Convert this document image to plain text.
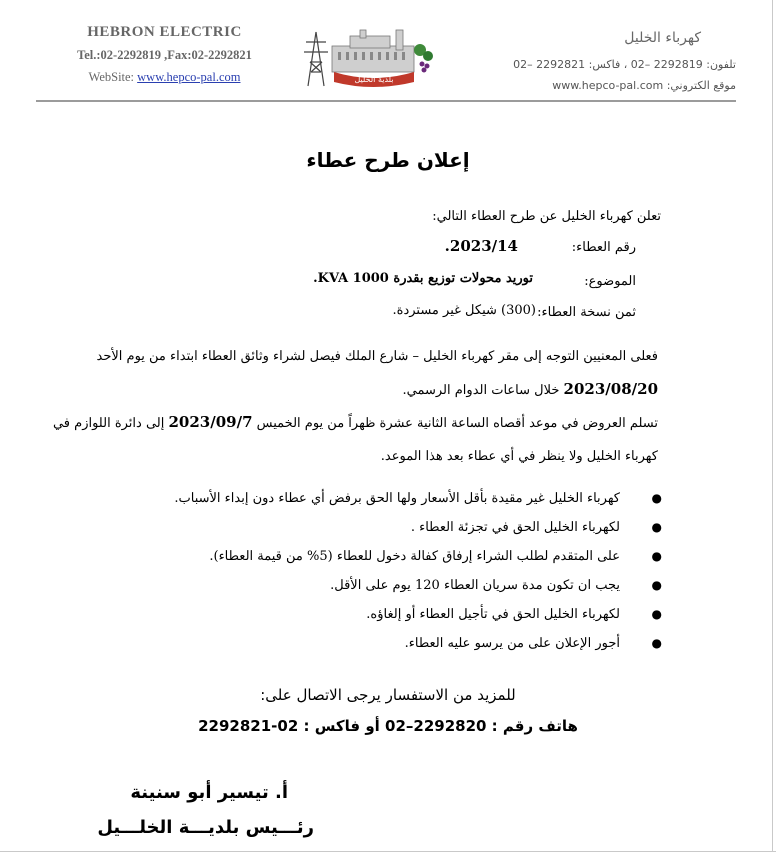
HEBRON ELECTRIC
Tel.:02-2292819 ,Fax:02-2292821
WebSite: www.hepco-pal.com	بلدية الخليل
كهرباء الخليل
تلفون: 2292819 –02 ، فاكس: 2292821 –02
موقع الكتروني: www.hepco-pal.com
إعلان طرح عطاء
تعلن كهرباء الخليل عن طرح العطاء التالي:
رقم العطاء:
2023/14.
الموضوع:
توريد محولات توزيع بقدرة 1000 KVA.
ثمن نسخة العطاء:
(300) شيكل غير مستردة.
فعلى المعنيين التوجه إلى مقر كهرباء الخليل – شارع الملك فيصل لشراء وثائق العطاء ابتداء من يوم الأحد
2023/08/20 خلال ساعات الدوام الرسمي.
تسلم العروض في موعد أقصاه الساعة الثانية عشرة ظهراً من يوم الخميس 2023/09/7 إلى دائرة اللوازم في
كهرباء الخليل ولا ينظر في أي عطاء بعد هذا الموعد.
●
كهرباء الخليل غير مقيدة بأقل الأسعار ولها الحق برفض أي عطاء دون إبداء الأسباب.
●
لكهرباء الخليل الحق في تجزئة العطاء .
●
على المتقدم لطلب الشراء إرفاق كفالة دخول للعطاء (5% من قيمة العطاء).
●
يجب ان تكون مدة سريان العطاء 120 يوم على الأقل.
●
لكهرباء الخليل الحق في تأجيل العطاء أو إلغاؤه.
●
أجور الإعلان على من يرسو عليه العطاء.
للمزيد من الاستفسار يرجى الاتصال على:
هاتف رقم : 2292820–02 أو فاكس : 02-2292821
أ. تيسير أبو سنينة
رئـــيس بلديـــة الخلـــيل
